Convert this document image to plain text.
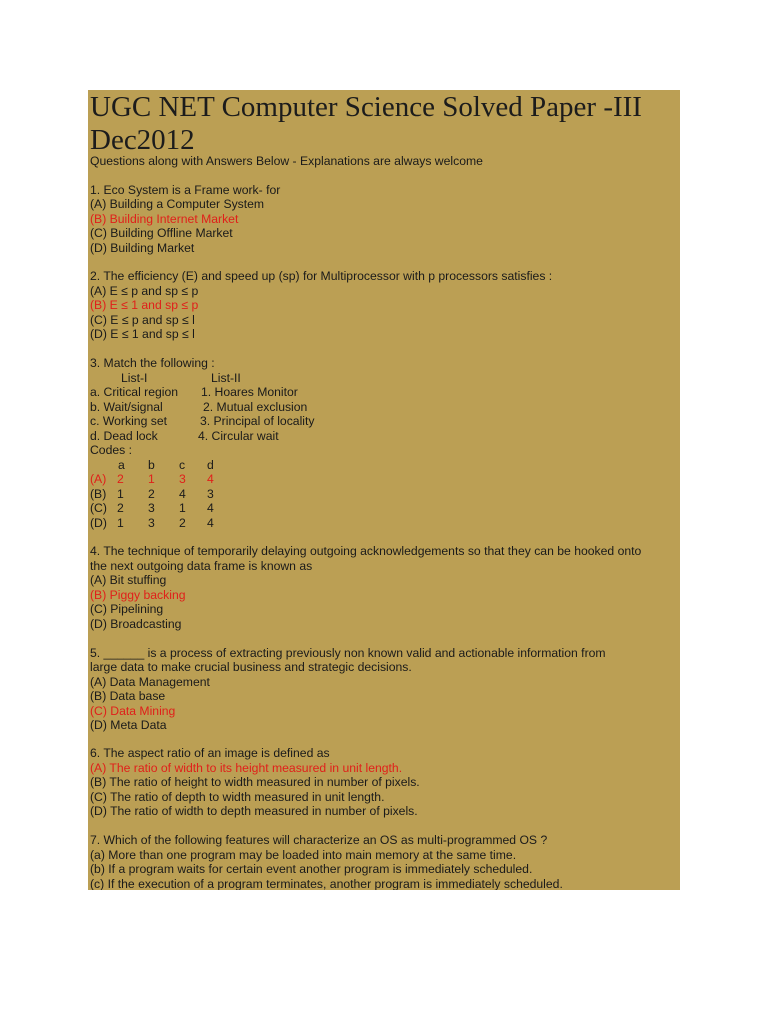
UGC NET Computer Science Solved Paper -III Dec2012
Questions along with Answers Below - Explanations are always welcome
1. Eco System is a Frame work- for
(A) Building a Computer System
(B) Building Internet Market
(C) Building Offline Market
(D) Building Market
2. The efficiency (E) and speed up (sp) for Multiprocessor with p processors satisfies :
(A) E ≤ p and sp ≤ p
(B) E ≤ 1 and sp ≤ p
(C) E ≤ p and sp ≤ l
(D) E ≤ 1 and sp ≤ l
3. Match the following :
List-I	List-II
a. Critical region 1. Hoares Monitor
b. Wait/signal	2. Mutual exclusion
c. Working set	3. Principal of locality
d. Dead lock	4. Circular wait
Codes :
a b c d
(A) 2 1 3 4
(B) 1 2 4 3
(C) 2 3 1 4
(D) 1 3 2 4
4. The technique of temporarily delaying outgoing acknowledgements so that they can be hooked onto
the next outgoing data frame is known as
(A) Bit stuffing
(B) Piggy backing
(C) Pipelining
(D) Broadcasting
5. ______ is a process of extracting previously non known valid and actionable information from
large data to make crucial business and strategic decisions.
(A) Data Management
(B) Data base
(C) Data Mining
(D) Meta Data
6. The aspect ratio of an image is defined as
(A) The ratio of width to its height measured in unit length.
(B) The ratio of height to width measured in number of pixels.
(C) The ratio of depth to width measured in unit length.
(D) The ratio of width to depth measured in number of pixels.
7. Which of the following features will characterize an OS as multi-programmed OS ?
(a) More than one program may be loaded into main memory at the same time.
(b) If a program waits for certain event another program is immediately scheduled.
(c) If the execution of a program terminates, another program is immediately scheduled.
